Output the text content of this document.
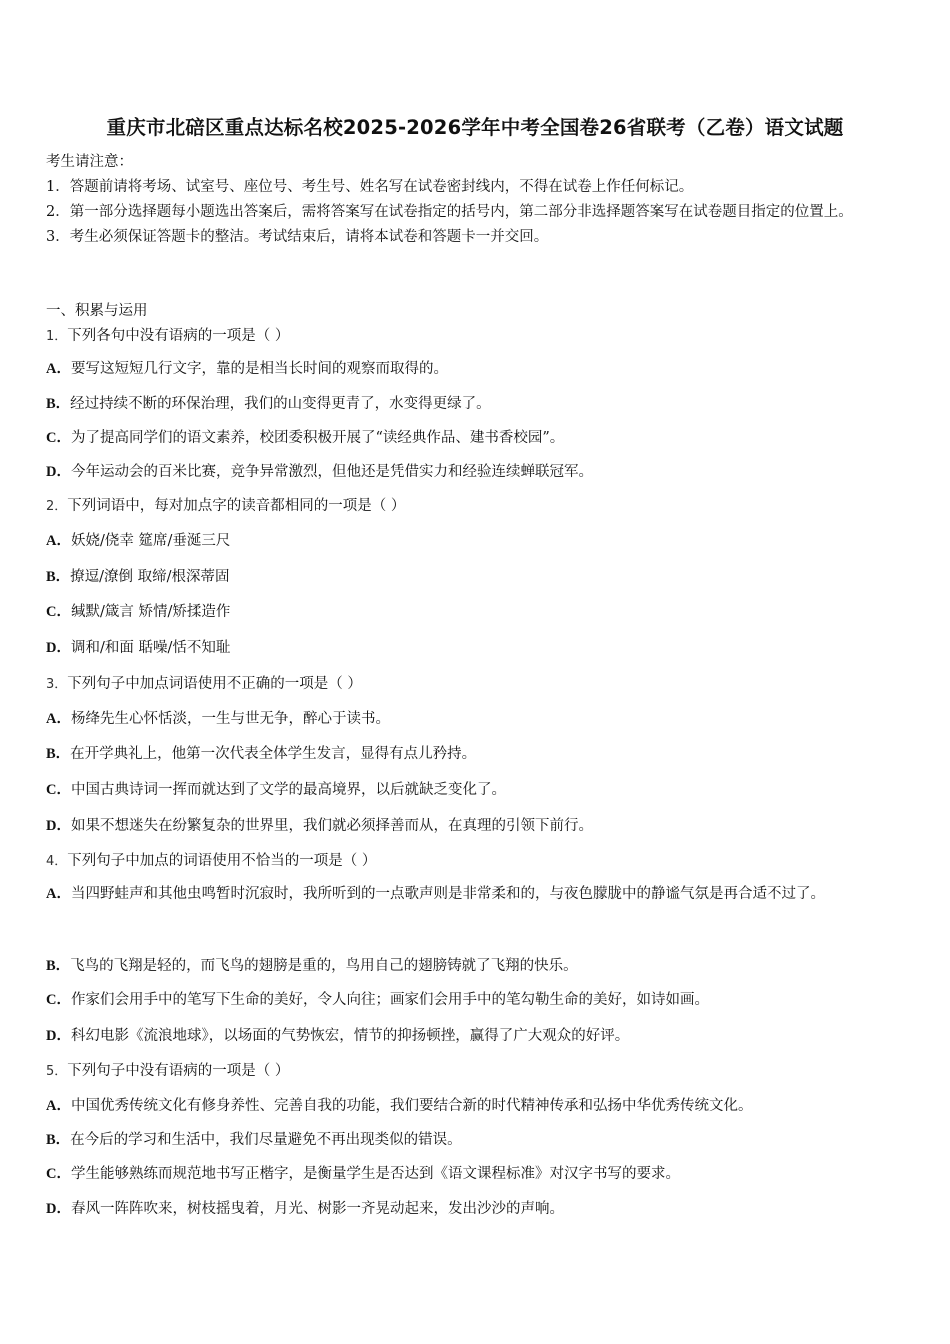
重庆市北碚区重点达标名校2025-2026学年中考全国卷26省联考（乙卷）语文试题
考生请注意：
1．答题前请将考场、试室号、座位号、考生号、姓名写在试卷密封线内，不得在试卷上作任何标记。
2．第一部分选择题每小题选出答案后，需将答案写在试卷指定的括号内，第二部分非选择题答案写在试卷题目指定的位置上。
3．考生必须保证答题卡的整洁。考试结束后，请将本试卷和答题卡一并交回。
一、积累与运用
1．下列各句中没有语病的一项是（ ）
A．要写这短短几行文字，靠的是相当长时间的观察而取得的。
B．经过持续不断的环保治理，我们的山变得更青了，水变得更绿了。
C．为了提高同学们的语文素养，校团委积极开展了“读经典作品、建书香校园”。
D．今年运动会的百米比赛，竞争异常激烈，但他还是凭借实力和经验连续蝉联冠军。
2．下列词语中，每对加点字的读音都相同的一项是（ ）
A．妖娆/侥幸 筵席/垂涎三尺
B．撩逗/潦倒 取缔/根深蒂固
C．缄默/箴言 矫情/矫揉造作
D．调和/和面 聒噪/恬不知耻
3．下列句子中加点词语使用不正确的一项是（ ）
A．杨绛先生心怀恬淡，一生与世无争，醉心于读书。
B．在开学典礼上，他第一次代表全体学生发言，显得有点儿矜持。
C．中国古典诗词一挥而就达到了文学的最高境界，以后就缺乏变化了。
D．如果不想迷失在纷繁复杂的世界里，我们就必须择善而从，在真理的引领下前行。
4．下列句子中加点的词语使用不恰当的一项是（ ）
A．当四野蛙声和其他虫鸣暂时沉寂时，我所听到的一点歌声则是非常柔和的，与夜色朦胧中的静谧气氛是再合适不过了。
B．飞鸟的飞翔是轻的，而飞鸟的翅膀是重的，鸟用自己的翅膀铸就了飞翔的快乐。
C．作家们会用手中的笔写下生命的美好，令人向往；画家们会用手中的笔勾勒生命的美好，如诗如画。
D．科幻电影《流浪地球》，以场面的气势恢宏，情节的抑扬顿挫，赢得了广大观众的好评。
5．下列句子中没有语病的一项是（ ）
A．中国优秀传统文化有修身养性、完善自我的功能，我们要结合新的时代精神传承和弘扬中华优秀传统文化。
B．在今后的学习和生活中，我们尽量避免不再出现类似的错误。
C．学生能够熟练而规范地书写正楷字，是衡量学生是否达到《语文课程标准》对汉字书写的要求。
D．春风一阵阵吹来，树枝摇曳着，月光、树影一齐晃动起来，发出沙沙的声响。
